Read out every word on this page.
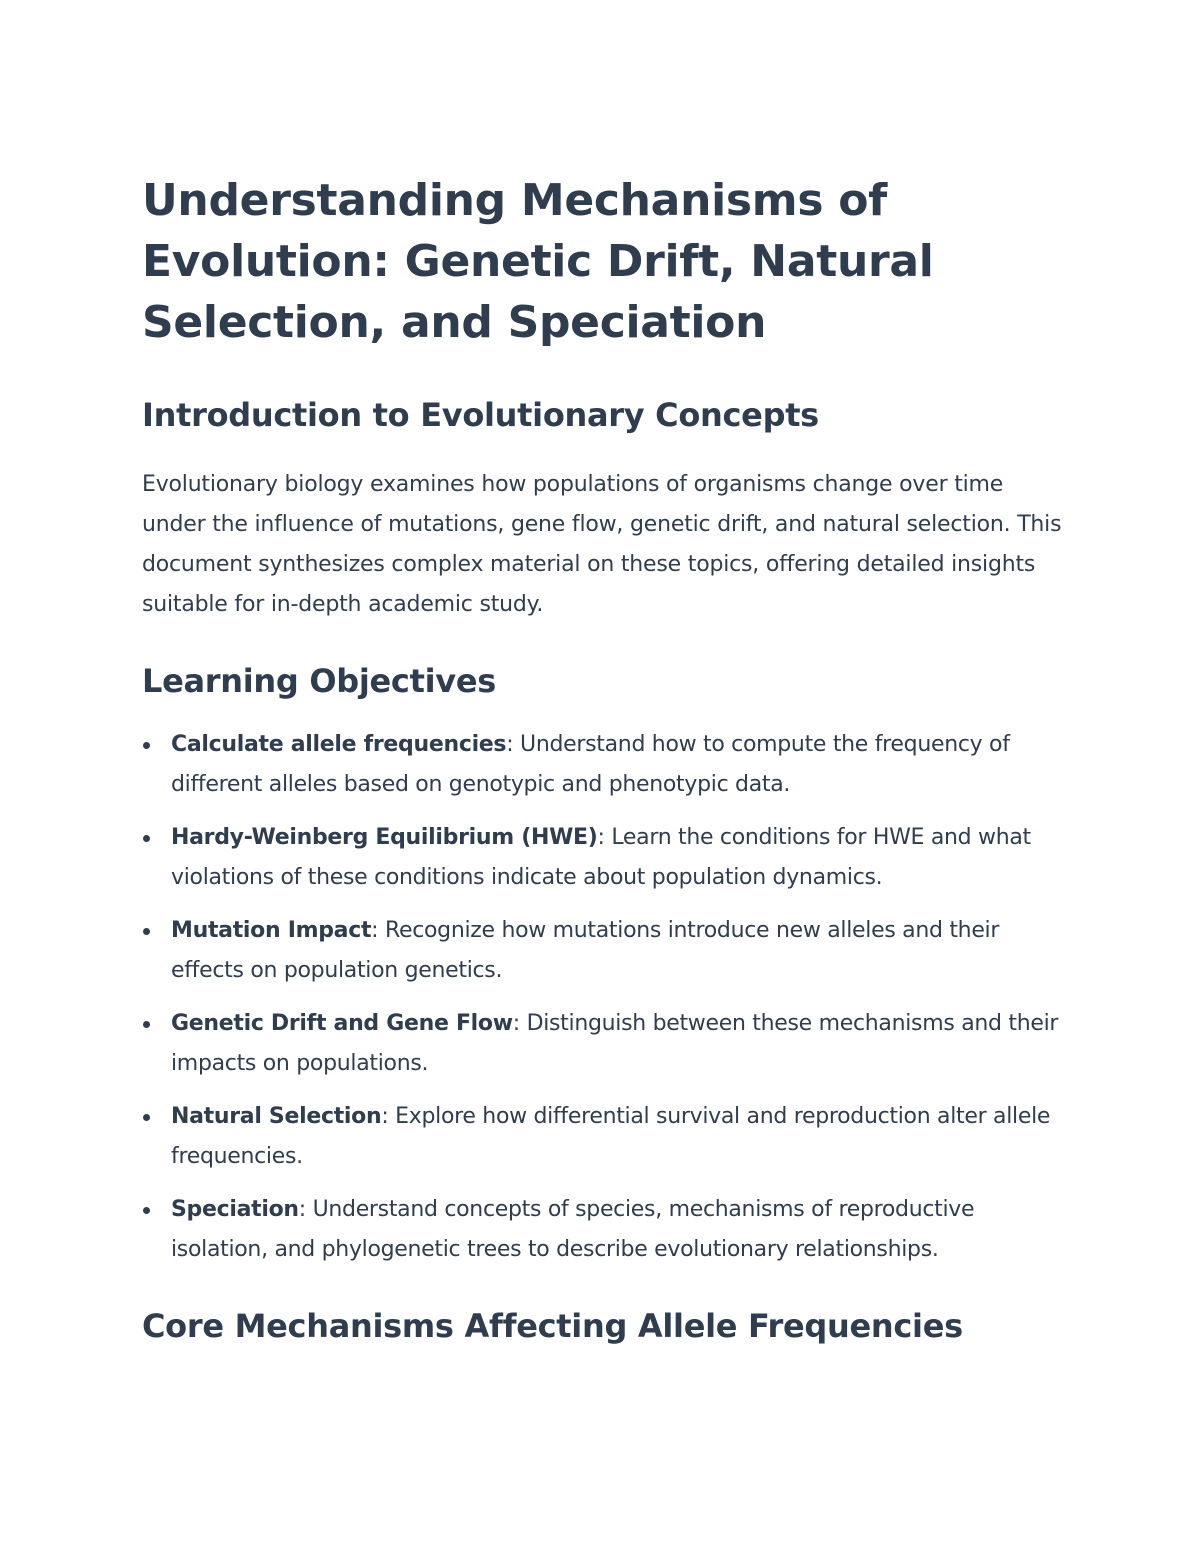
Understanding Mechanisms of Evolution: Genetic Drift, Natural Selection, and Speciation
Introduction to Evolutionary Concepts

Evolutionary biology examines how populations of organisms change over time under the influence of mutations, gene flow, genetic drift, and natural selection. This document synthesizes complex material on these topics, offering detailed insights suitable for in-depth academic study.

Learning Objectives
Calculate allele frequencies: Understand how to compute the frequency of different alleles based on genotypic and phenotypic data.
Hardy-Weinberg Equilibrium (HWE): Learn the conditions for HWE and what violations of these conditions indicate about population dynamics.
Mutation Impact: Recognize how mutations introduce new alleles and their effects on population genetics.
Genetic Drift and Gene Flow: Distinguish between these mechanisms and their impacts on populations.
Natural Selection: Explore how differential survival and reproduction alter allele frequencies.
Speciation: Understand concepts of species, mechanisms of reproductive isolation, and phylogenetic trees to describe evolutionary relationships.
Core Mechanisms Affecting Allele Frequencies
